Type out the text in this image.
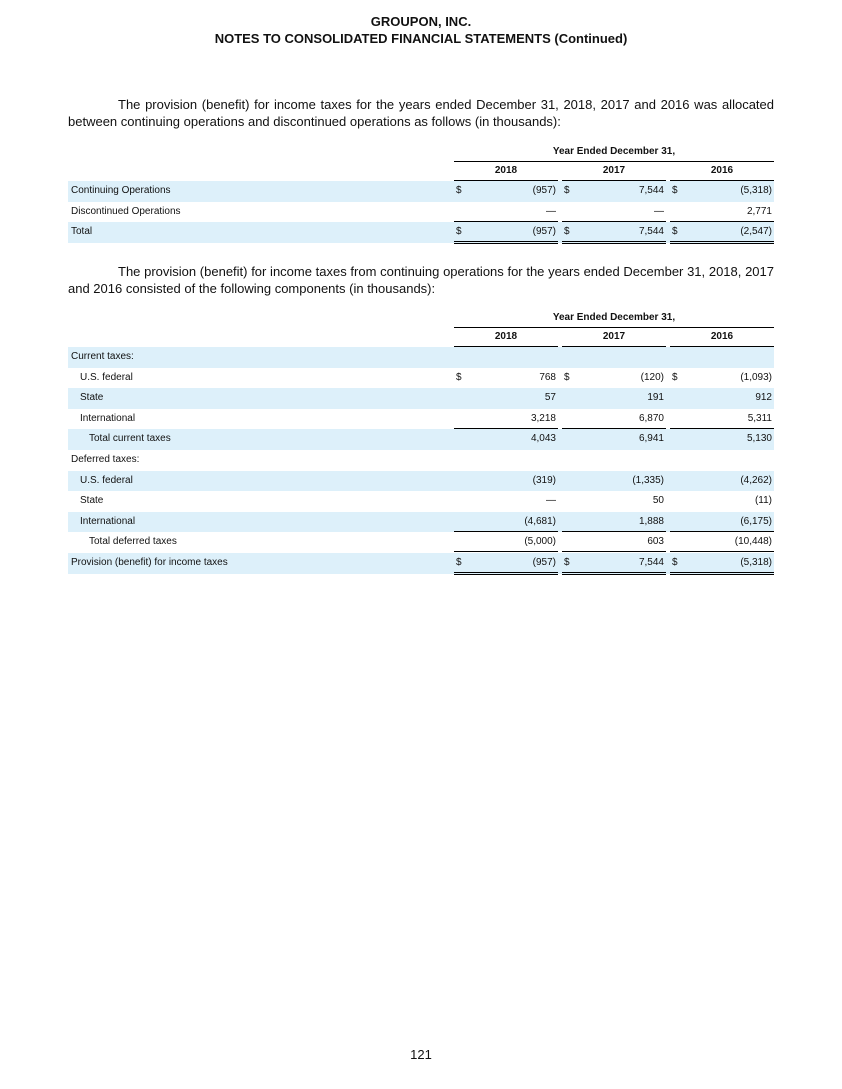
GROUPON, INC.
NOTES TO CONSOLIDATED FINANCIAL STATEMENTS (Continued)

The provision (benefit) for income taxes for the years ended December 31, 2018, 2017 and 2016 was allocated between continuing operations and discontinued operations as follows (in thousands):

Year Ended December 31,
2018	2017	2016
Continuing Operations	$	(957) $	7,544 $	(5,318)
Discontinued Operations	—	—	2,771
Total	$	(957) $	7,544 $	(2,547)

The provision (benefit) for income taxes from continuing operations for the years ended December 31, 2018, 2017 and 2016 consisted of the following components (in thousands):

Year Ended December 31,
2018	2017	2016
Current taxes:
U.S. federal	$	768 $	(120) $	(1,093)
State	57	191	912
International	3,218	6,870	5,311
Total current taxes	4,043	6,941	5,130
Deferred taxes:
U.S. federal	(319)	(1,335)	(4,262)
State	—	50	(11)
International	(4,681)	1,888	(6,175)
Total deferred taxes	(5,000)	603	(10,448)
Provision (benefit) for income taxes	$	(957) $	7,544 $	(5,318)
121
